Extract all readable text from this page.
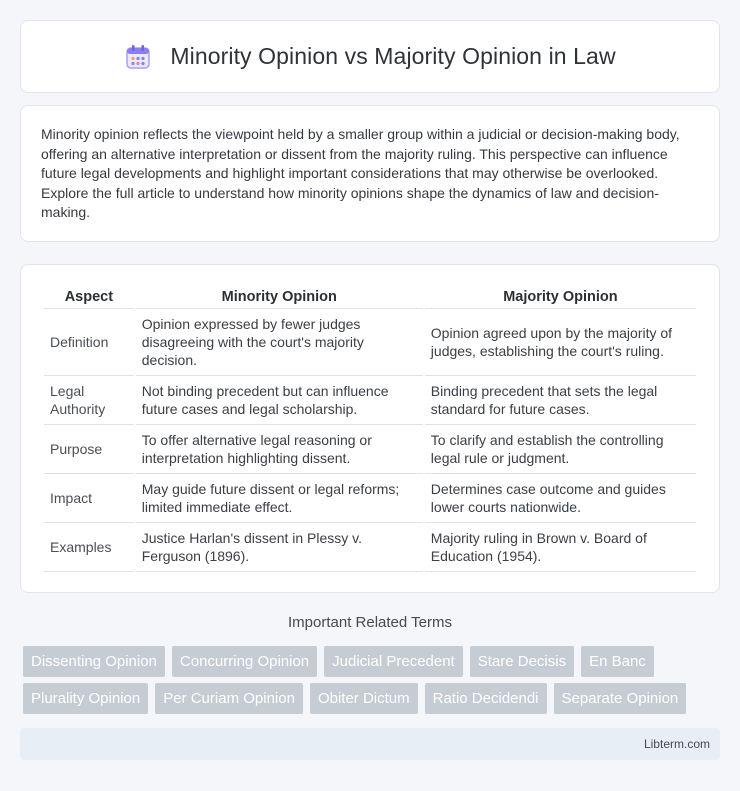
Minority Opinion vs Majority Opinion in Law

Minority opinion reflects the viewpoint held by a smaller group within a judicial or decision-making body, offering an alternative interpretation or dissent from the majority ruling. This perspective can influence future legal developments and highlight important considerations that may otherwise be overlooked. Explore the full article to understand how minority opinions shape the dynamics of law and decision-making.

Aspect	Minority Opinion	Majority Opinion
Definition	Opinion expressed by fewer judges disagreeing with the court's majority decision.	Opinion agreed upon by the majority of judges, establishing the court's ruling.
Legal Authority	Not binding precedent but can influence future cases and legal scholarship.	Binding precedent that sets the legal standard for future cases.
Purpose	To offer alternative legal reasoning or interpretation highlighting dissent.	To clarify and establish the controlling legal rule or judgment.
Impact	May guide future dissent or legal reforms; limited immediate effect.	Determines case outcome and guides lower courts nationwide.
Examples	Justice Harlan's dissent in Plessy v. Ferguson (1896).	Majority ruling in Brown v. Board of Education (1954).
Important Related Terms
Dissenting Opinion	Concurring Opinion	Judicial Precedent	Stare Decisis	En Banc
Plurality Opinion	Per Curiam Opinion	Obiter Dictum	Ratio Decidendi	Separate Opinion
Libterm.com
